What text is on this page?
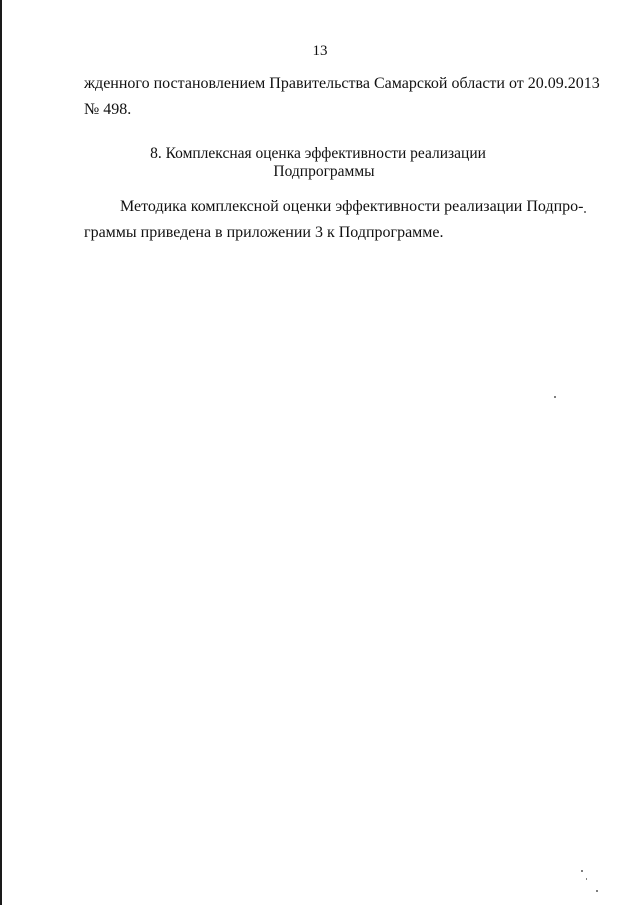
13
жденного постановлением Правительства Самарской области от 20.09.2013
№ 498.
8. Комплексная оценка эффективности реализации
Подпрограммы
Методика комплексной оценки эффективности реализации Подпро-
граммы приведена в приложении 3 к Подпрограмме.
